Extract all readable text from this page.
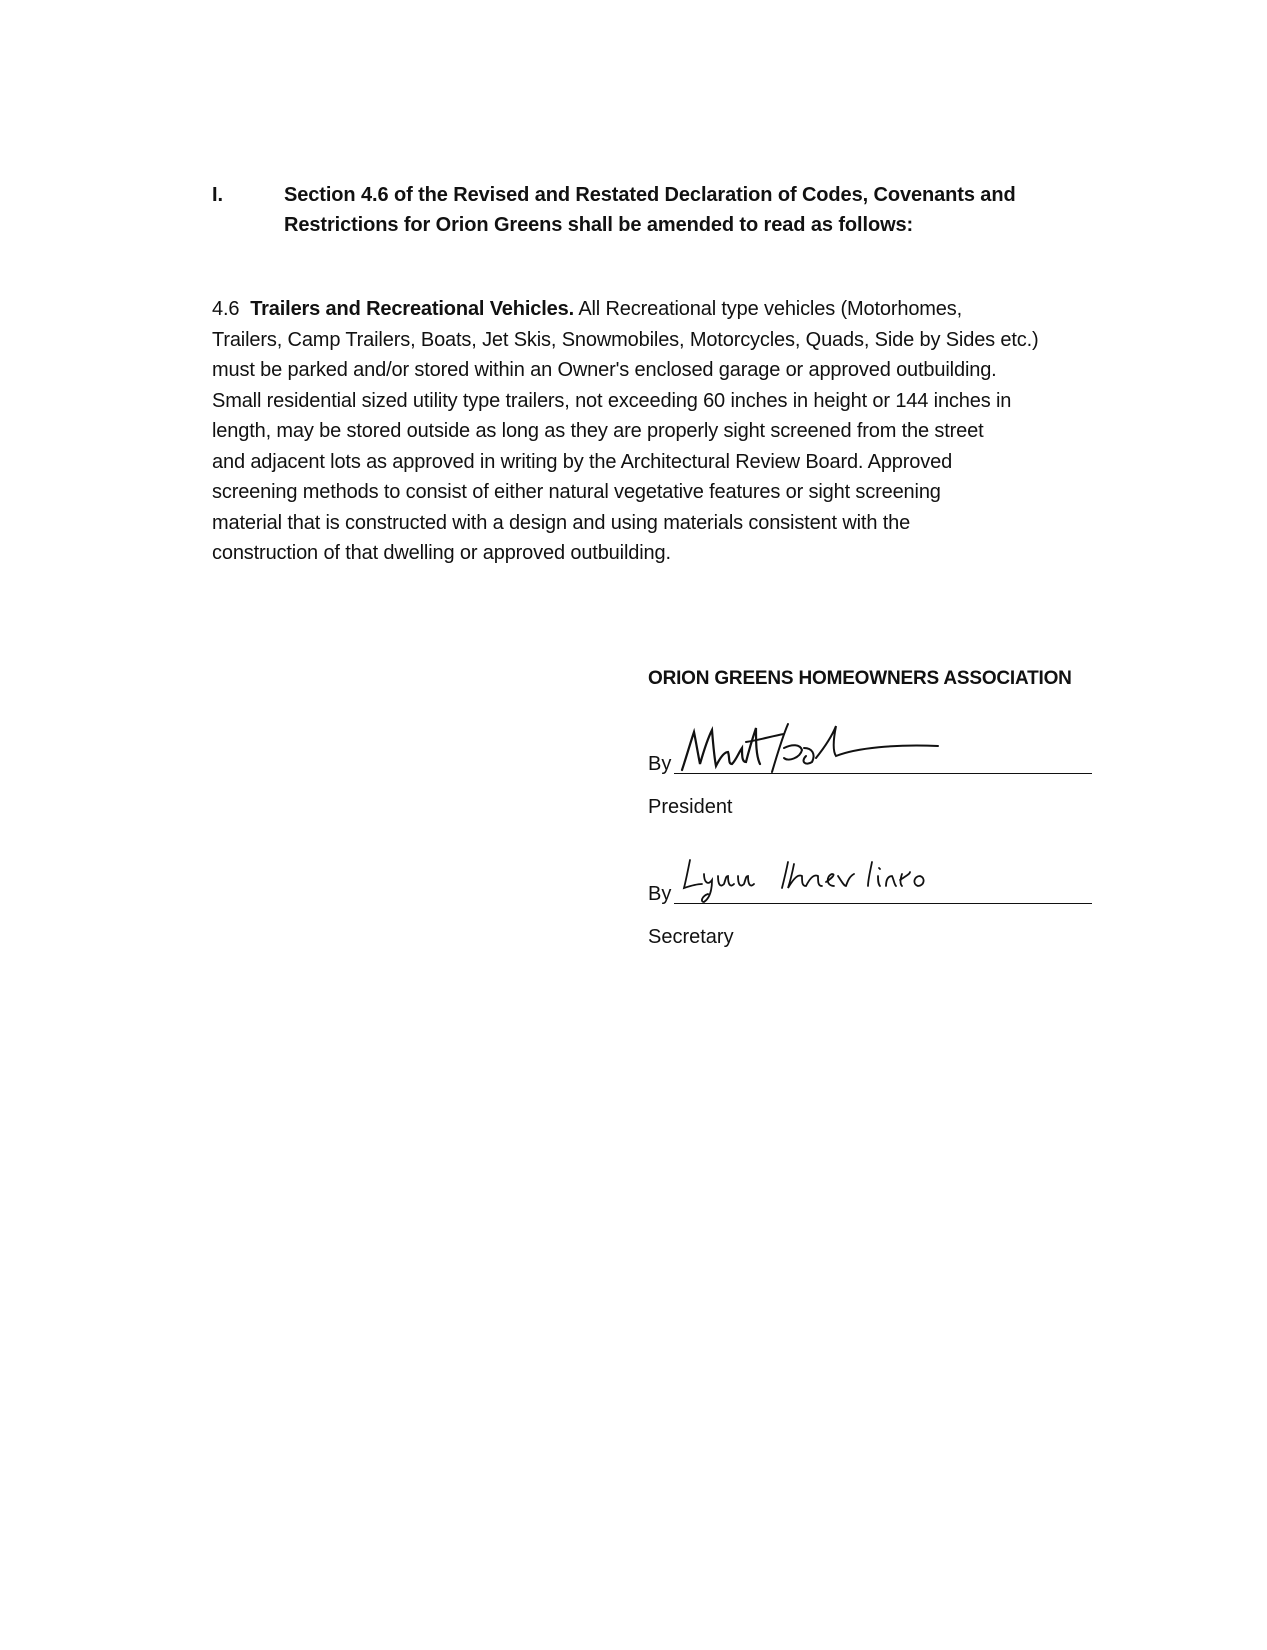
I.	Section 4.6 of the Revised and Restated Declaration of Codes, Covenants and
Restrictions for Orion Greens shall be amended to read as follows:
4.6 Trailers and Recreational Vehicles. All Recreational type vehicles (Motorhomes,
Trailers, Camp Trailers, Boats, Jet Skis, Snowmobiles, Motorcycles, Quads, Side by Sides etc.)
must be parked and/or stored within an Owner's enclosed garage or approved outbuilding.
Small residential sized utility type trailers, not exceeding 60 inches in height or 144 inches in
length, may be stored outside as long as they are properly sight screened from the street
and adjacent lots as approved in writing by the Architectural Review Board. Approved
screening methods to consist of either natural vegetative features or sight screening
material that is constructed with a design and using materials consistent with the
construction of that dwelling or approved outbuilding.
ORION GREENS HOMEOWNERS ASSOCIATION
By
President
By
Secretary
